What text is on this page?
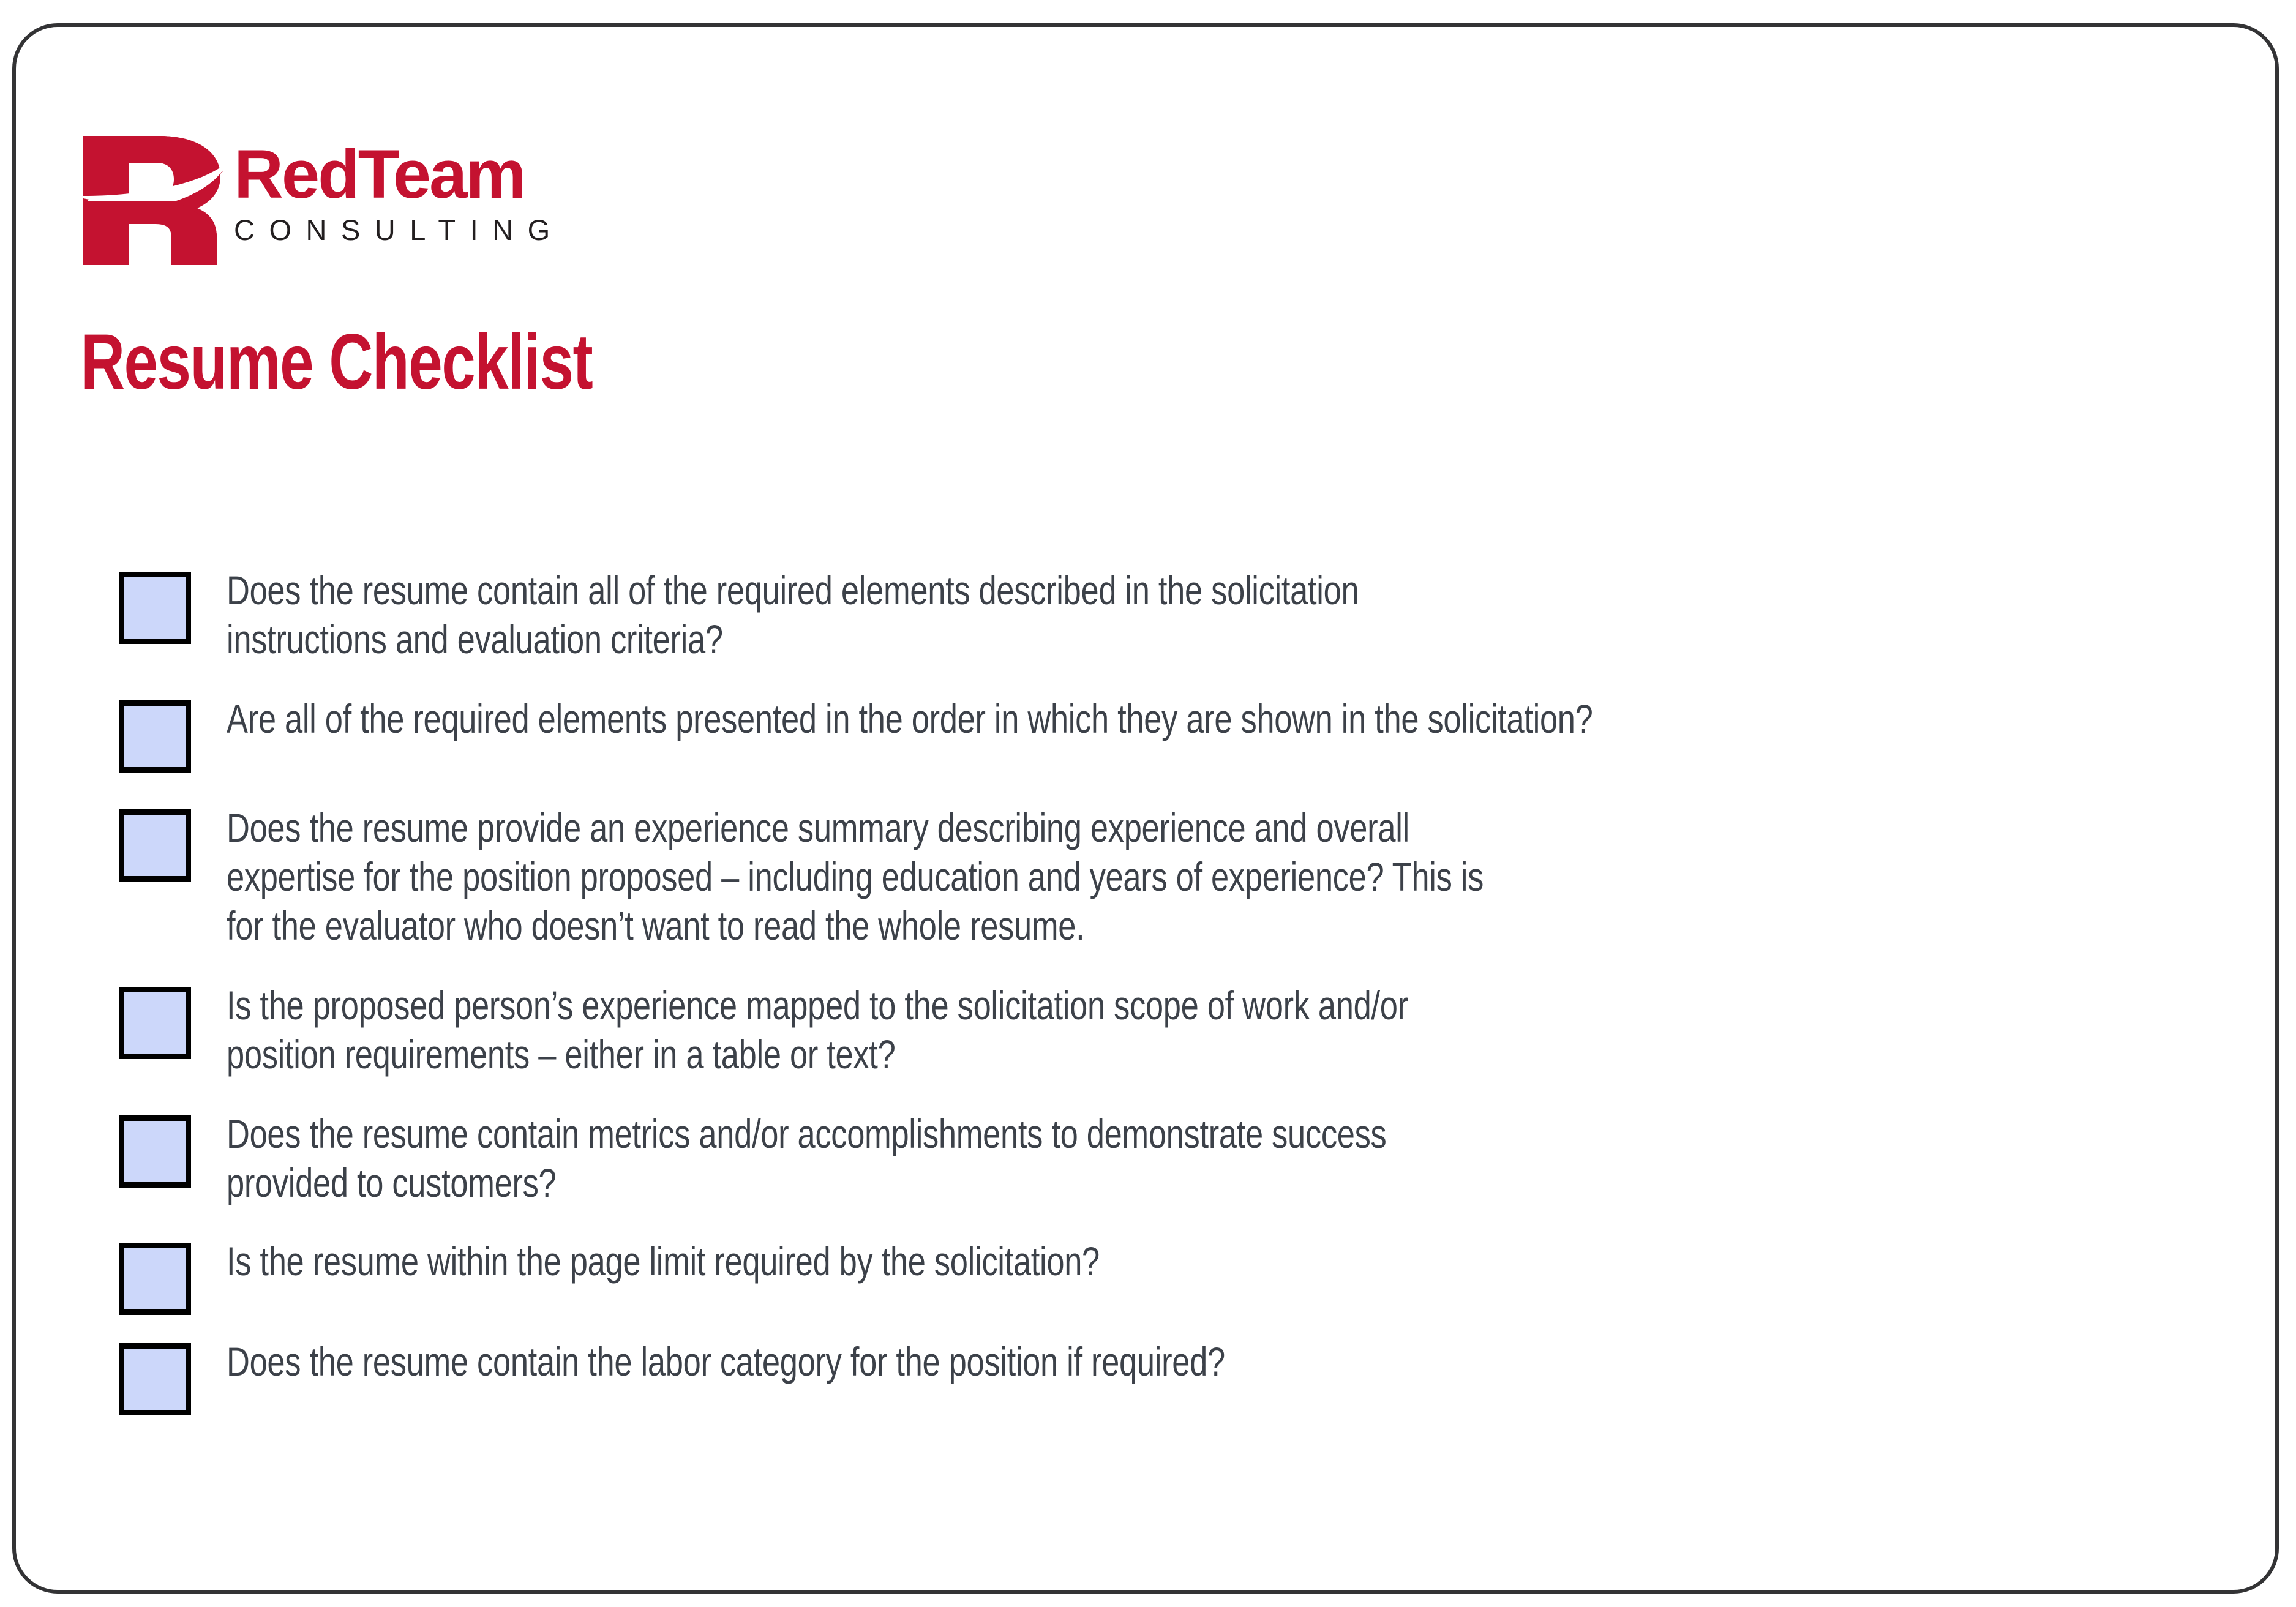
RedTeam
CONSULTING
Resume Checklist
Does the resume contain all of the required elements described in the solicitation instructions and evaluation criteria?
Are all of the required elements presented in the order in which they are shown in the solicitation?
Does the resume provide an experience summary describing experience and overall expertise for the position proposed – including education and years of experience? This is for the evaluator who doesn’t want to read the whole resume.
Is the proposed person’s experience mapped to the solicitation scope of work and/or position requirements – either in a table or text?
Does the resume contain metrics and/or accomplishments to demonstrate success provided to customers?
Is the resume within the page limit required by the solicitation?
Does the resume contain the labor category for the position if required?
